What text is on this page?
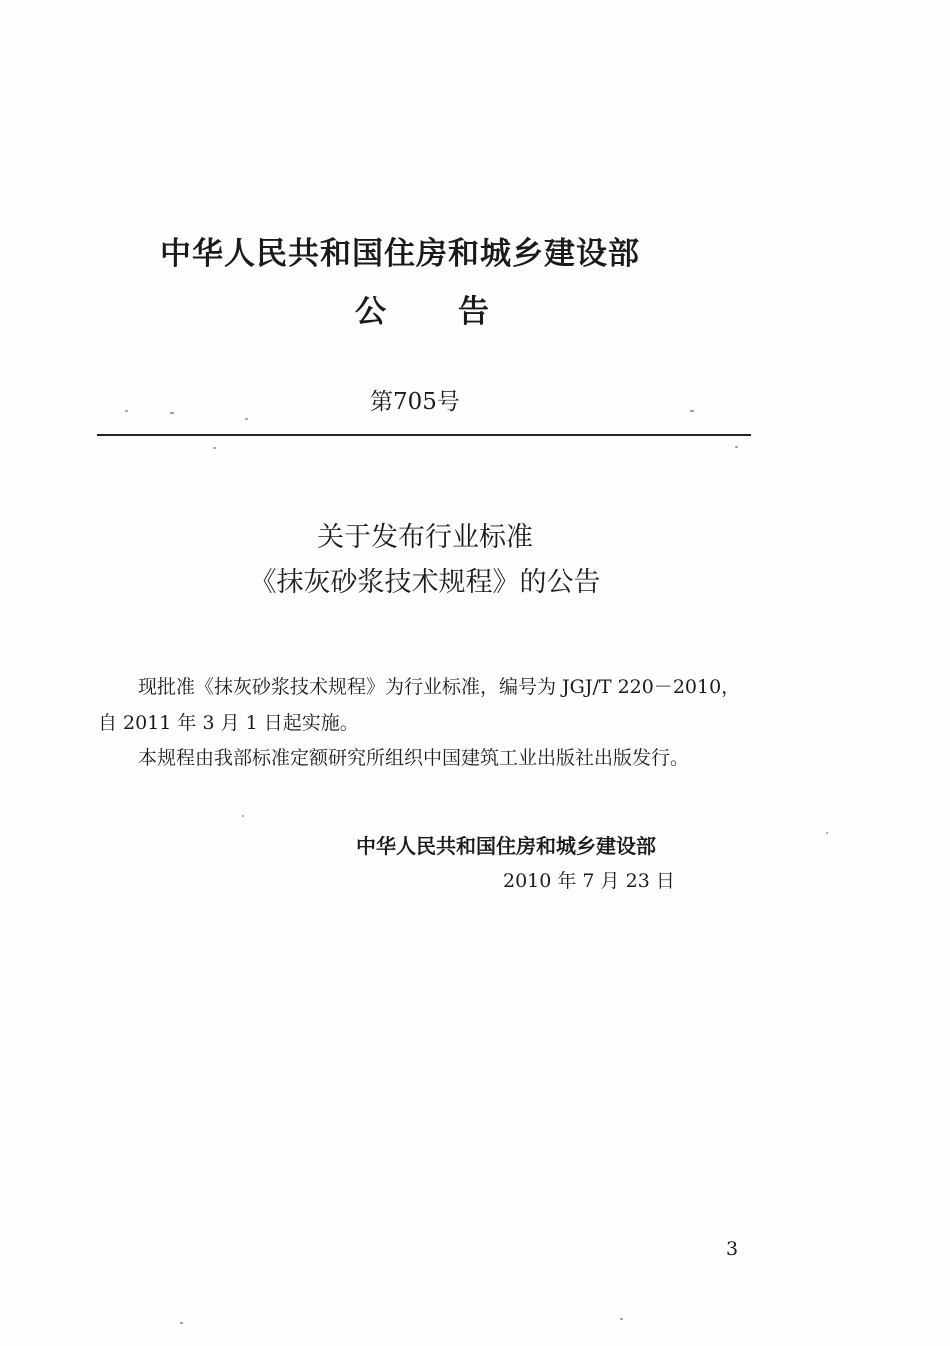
中华人民共和国住房和城乡建设部
公告
第705号
关于发布行业标准
《抹灰砂浆技术规程》的公告

现批准《抹灰砂浆技术规程》为行业标准，编号为 JGJ/T 220－2010，自 2011 年 3 月 1 日起实施。

本规程由我部标准定额研究所组织中国建筑工业出版社出版发行。

中华人民共和国住房和城乡建设部
2010 年 7 月 23 日
3
